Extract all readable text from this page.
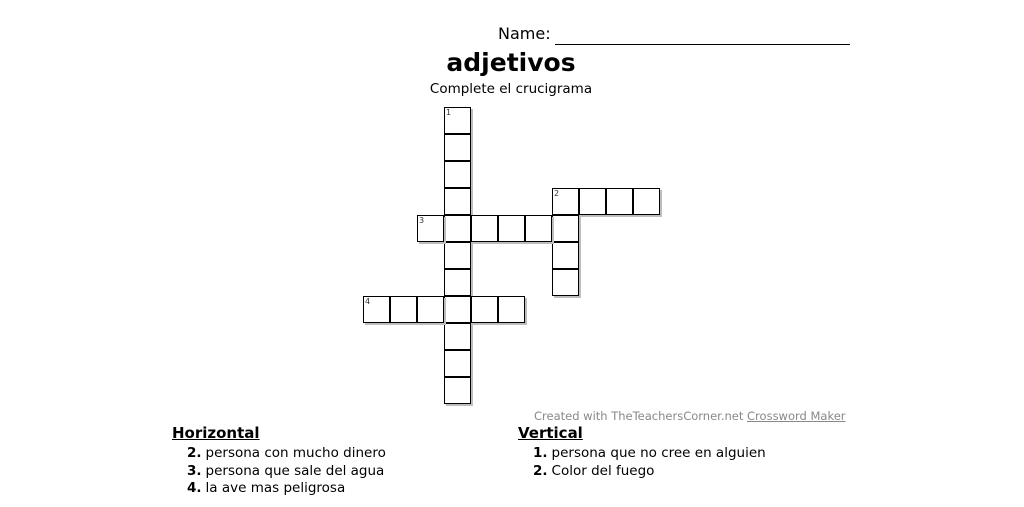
Name:
adjetivos
Complete el crucigrama
1
2
3
4
Created with TheTeachersCorner.net Crossword Maker
Horizontal
2. persona con mucho dinero
3. persona que sale del agua
4. la ave mas peligrosa
Vertical
1. persona que no cree en alguien
2. Color del fuego
